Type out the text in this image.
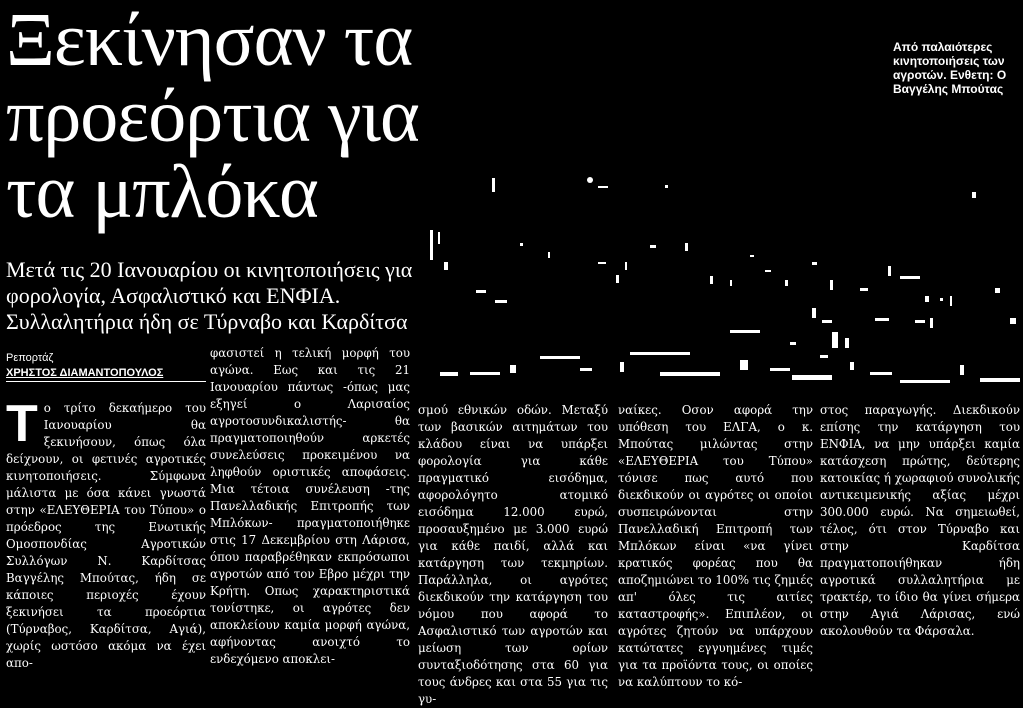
Ξεκίνησαν τα προεόρτια για τα μπλόκα
Μετά τις 20 Ιανουαρίου οι κινητοποιήσεις για φορολογία, Ασφαλιστικό και ΕΝΦΙΑ. Συλλαλητήρια ήδη σε Τύρναβο και Καρδίτσα
Ρεπορτάζ
ΧΡΗΣΤΟΣ ΔΙΑΜΑΝΤΟΠΟΥΛΟΣ
Τ ο τρίτο δεκαήμερο του Ιανουαρίου θα ξεκινήσουν, όπως όλα δείχνουν, οι φετινές αγροτικές κινητοποιήσεις. Σύμφωνα μάλιστα με όσα κάνει γνωστά στην «ΕΛΕΥΘΕΡΙΑ του Τύπου» ο πρόεδρος της Ενωτικής Ομοσπονδίας Αγροτικών Συλλόγων Ν. Καρδίτσας Βαγγέλης Μπούτας, ήδη σε κάποιες περιοχές έχουν ξεκινήσει τα προεόρτια (Τύρναβος, Καρδίτσα, Αγιά), χωρίς ωστόσο ακόμα να έχει απο-
φασιστεί η τελική μορφή του αγώνα. Εως και τις 21 Ιανουαρίου πάντως -όπως μας εξηγεί ο Λαρισαίος αγροτοσυνδικαλιστής- θα πραγματοποιηθούν αρκετές συνελεύσεις προκειμένου να ληφθούν οριστικές αποφάσεις. Μια τέτοια συνέλευση -της Πανελλαδικής Επιτροπής των Μπλόκων- πραγματοποιήθηκε στις 17 Δεκεμβρίου στη Λάρισα, όπου παραβρέθηκαν εκπρόσωποι αγροτών από τον Εβρο μέχρι την Κρήτη. Οπως χαρακτηριστικά τονίστηκε, οι αγρότες δεν αποκλείουν καμία μορφή αγώνα, αφήνοντας ανοιχτό το ενδεχόμενο αποκλει-
σμού εθνικών οδών. Μεταξύ των βασικών αιτημάτων του κλάδου είναι να υπάρξει φορολογία για κάθε πραγματικό εισόδημα, αφορολόγητο ατομικό εισόδημα 12.000 ευρώ, προσαυξημένο με 3.000 ευρώ για κάθε παιδί, αλλά και κατάργηση των τεκμηρίων. Παράλληλα, οι αγρότες διεκδικούν την κατάργηση του νόμου που αφορά το Ασφαλιστικό των αγροτών και μείωση των ορίων συνταξιοδότησης στα 60 για τους άνδρες και στα 55 για τις γυ-
ναίκες. Οσον αφορά την υπόθεση του ΕΛΓΑ, ο κ. Μπούτας μιλώντας στην «ΕΛΕΥΘΕΡΙΑ του Τύπου» τόνισε πως αυτό που διεκδικούν οι αγρότες οι οποίοι συσπειρώνονται στην Πανελλαδική Επιτροπή των Μπλόκων είναι «να γίνει κρατικός φορέας που θα αποζημιώνει το 100% τις ζημιές απ' όλες τις αιτίες καταστροφής». Επιπλέον, οι αγρότες ζητούν να υπάρχουν κατώτατες εγγυημένες τιμές για τα προϊόντα τους, οι οποίες να καλύπτουν το κό-
στος παραγωγής. Διεκδικούν επίσης την κατάργηση του ΕΝΦΙΑ, να μην υπάρξει καμία κατάσχεση πρώτης, δεύτερης κατοικίας ή χωραφιού συνολικής αντικειμενικής αξίας μέχρι 300.000 ευρώ. Να σημειωθεί, τέλος, ότι στον Τύρναβο και στην Καρδίτσα πραγματοποιήθηκαν ήδη αγροτικά συλλαλητήρια με τρακτέρ, το ίδιο θα γίνει σήμερα στην Αγιά Λάρισας, ενώ ακολουθούν τα Φάρσαλα.
Από παλαιότερες κινητοποιήσεις των αγροτών. Ενθετη: Ο Βαγγέλης Μπούτας
